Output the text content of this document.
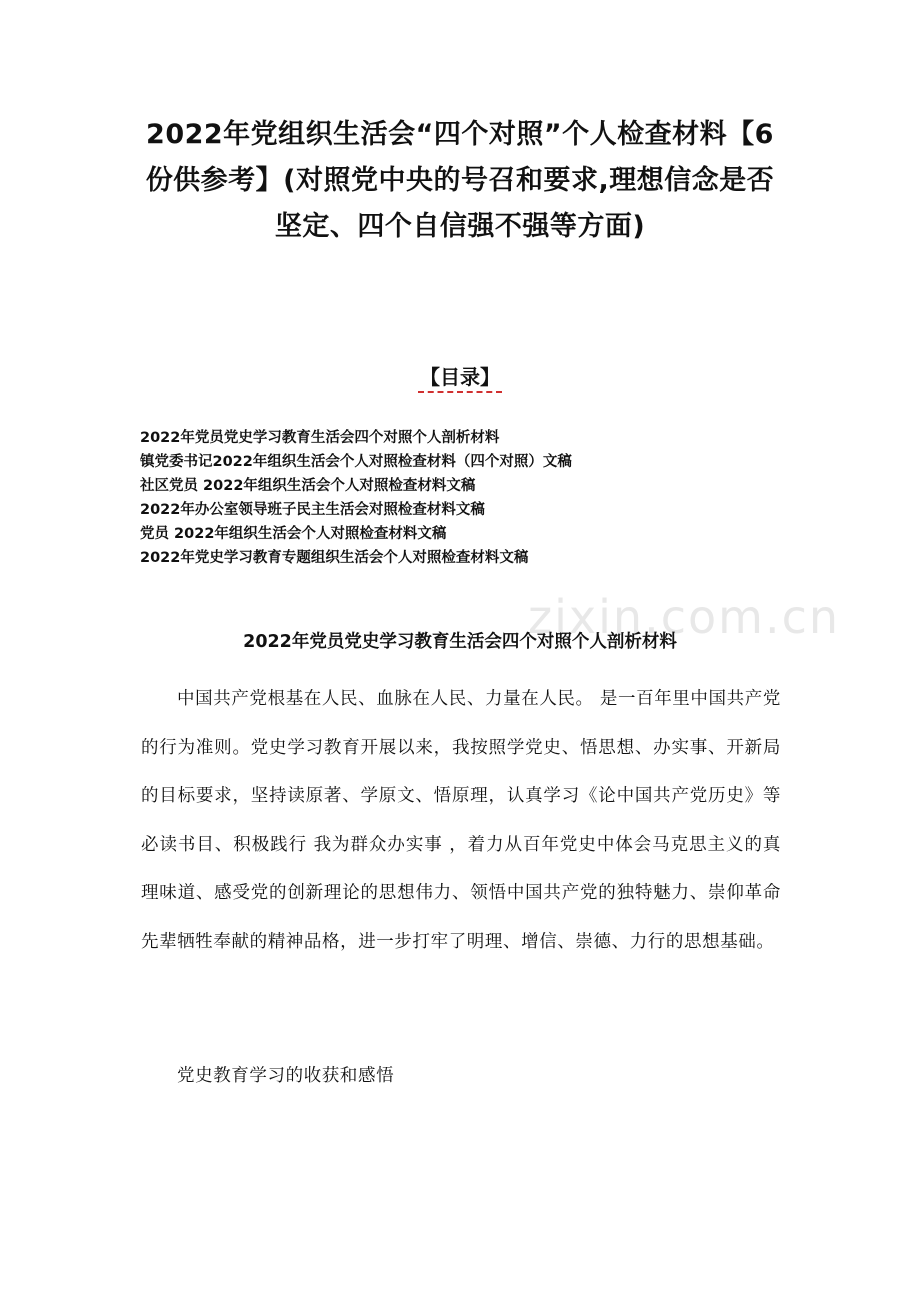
2022年党组织生活会“四个对照”个人检查材料【6份供参考】(对照党中央的号召和要求,理想信念是否坚定、四个自信强不强等方面)
【目录】
2022年党员党史学习教育生活会四个对照个人剖析材料
镇党委书记2022年组织生活会个人对照检查材料（四个对照）文稿
社区党员 2022年组织生活会个人对照检查材料文稿
2022年办公室领导班子民主生活会对照检查材料文稿
党员 2022年组织生活会个人对照检查材料文稿
2022年党史学习教育专题组织生活会个人对照检查材料文稿
zixin.com.cn
2022年党员党史学习教育生活会四个对照个人剖析材料

中国共产党根基在人民、血脉在人民、力量在人民。 是一百年里中国共产党的行为准则。党史学习教育开展以来，我按照学党史、悟思想、办实事、开新局的目标要求，坚持读原著、学原文、悟原理，认真学习《论中国共产党历史》等必读书目、积极践行 我为群众办实事 ，着力从百年党史中体会马克思主义的真理味道、感受党的创新理论的思想伟力、领悟中国共产党的独特魅力、崇仰革命先辈牺牲奉献的精神品格，进一步打牢了明理、增信、崇德、力行的思想基础。

党史教育学习的收获和感悟
